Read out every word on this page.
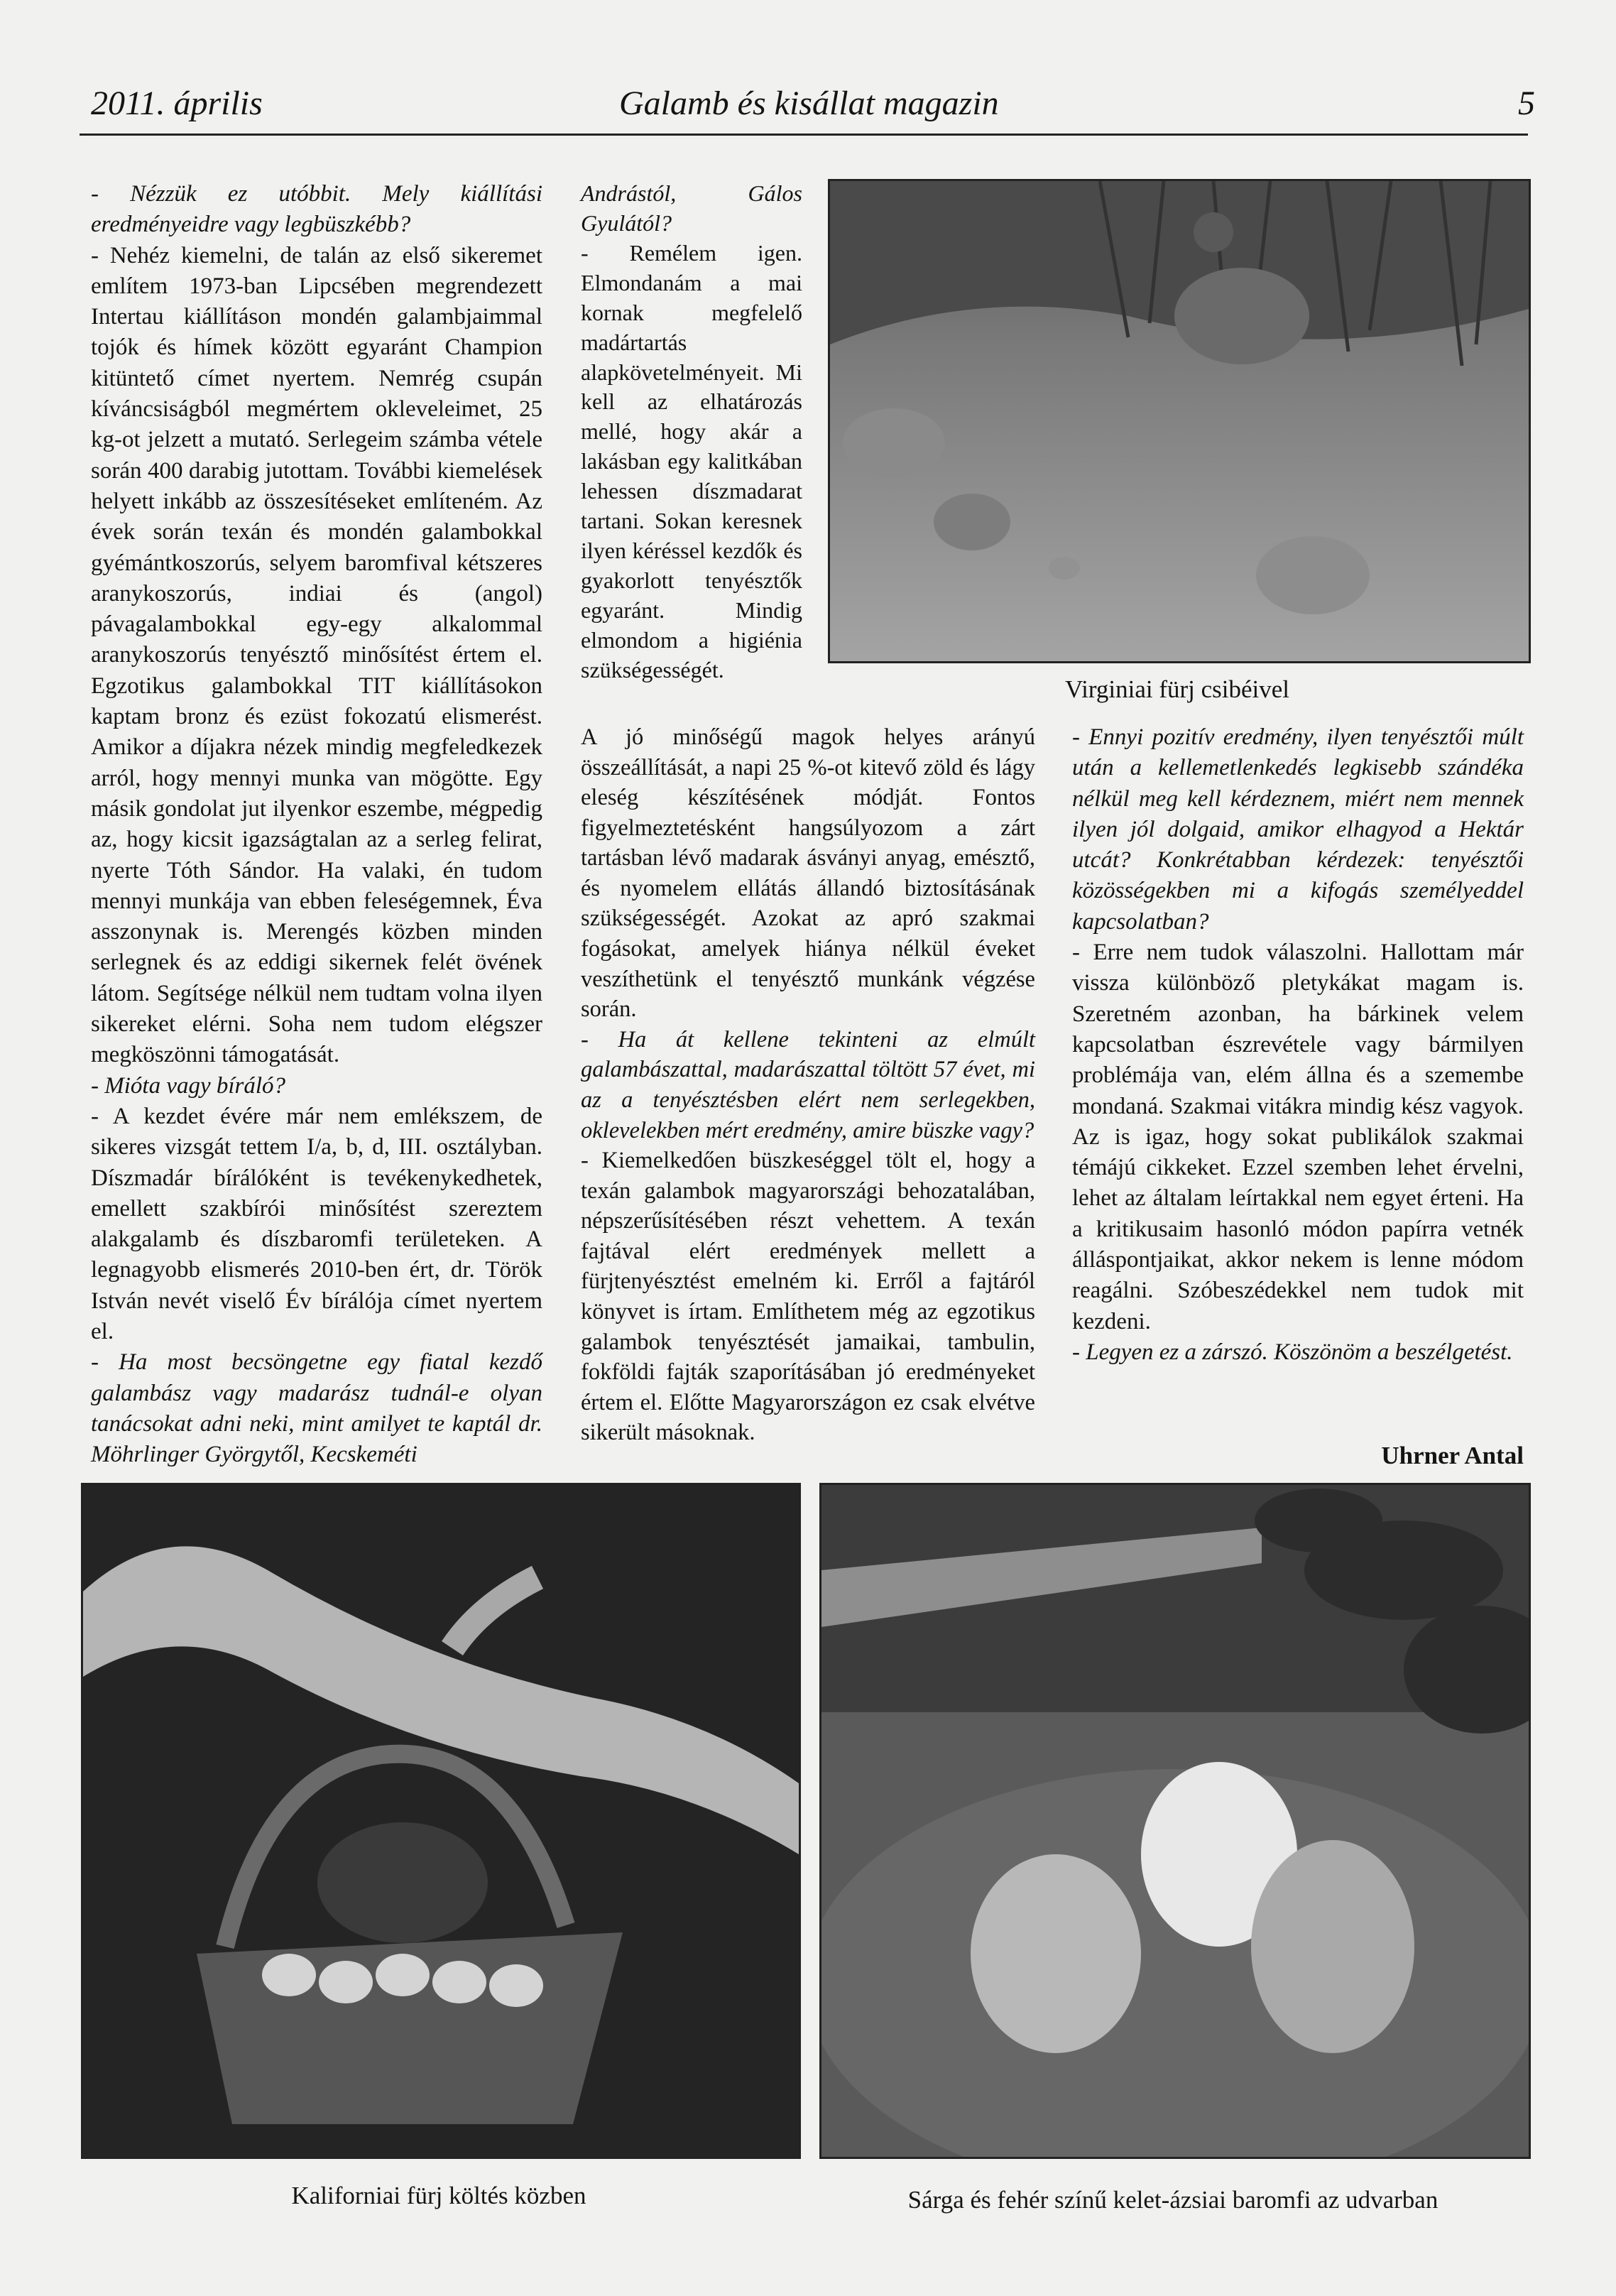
2011. április	Galamb és kisállat magazin	5

- Nézzük ez utóbbit. Mely kiállítási eredményeidre vagy legbüszkébb?

- Nehéz kiemelni, de talán az első sikeremet említem 1973-ban Lipcsében megrendezett Intertau kiállításon mondén galambjaimmal tojók és hímek között egyaránt Champion kitüntető címet nyertem. Nemrég csupán kíváncsiságból megmértem okleveleimet, 25 kg-ot jelzett a mutató. Serlegeim számba vétele során 400 darabig jutottam. További kiemelések helyett inkább az összesítéseket említeném. Az évek során texán és mondén galambokkal gyémántkoszorús, selyem baromfival kétszeres aranykoszorús, indiai és (angol) pávagalambokkal egy-egy alkalommal aranykoszorús tenyésztő minősítést értem el. Egzotikus galambokkal TIT kiállításokon kaptam bronz és ezüst fokozatú elismerést. Amikor a díjakra nézek mindig megfeledkezek arról, hogy mennyi munka van mögötte. Egy másik gondolat jut ilyenkor eszembe, mégpedig az, hogy kicsit igazságtalan az a serleg felirat, nyerte Tóth Sándor. Ha valaki, én tudom mennyi munkája van ebben feleségemnek, Éva asszonynak is. Merengés közben minden serlegnek és az eddigi sikernek felét övének látom. Segítsége nélkül nem tudtam volna ilyen sikereket elérni. Soha nem tudom elégszer megköszönni támogatását.

- Mióta vagy bíráló?

- A kezdet évére már nem emlékszem, de sikeres vizsgát tettem I/a, b, d, III. osztályban. Díszmadár bírálóként is tevékenykedhetek, emellett szakbírói minősítést szereztem alakgalamb és díszbaromfi területeken. A legnagyobb elismerés 2010-ben ért, dr. Török István nevét viselő Év bírálója címet nyertem el.

- Ha most becsöngetne egy fiatal kezdő galambász vagy madarász tudnál-e olyan tanácsokat adni neki, mint amilyet te kaptál dr. Möhrlinger Györgytől, Kecskeméti

Andrástól, Gálos Gyulától?

- Remélem igen. Elmondanám a mai kornak megfelelő madártartás alapkövetelményeit. Mi kell az elhatározás mellé, hogy akár a lakásban egy kalitkában lehessen díszmadarat tartani. Sokan keresnek ilyen kéréssel kezdők és gyakorlott tenyésztők egyaránt. Mindig elmondom a higiénia szükségességét.

A jó minőségű magok helyes arányú összeállítását, a napi 25 %-ot kitevő zöld és lágy eleség készítésének módját. Fontos figyelmeztetésként hangsúlyozom a zárt tartásban lévő madarak ásványi anyag, emésztő, és nyomelem ellátás állandó biztosításának szükségességét. Azokat az apró szakmai fogásokat, amelyek hiánya nélkül éveket veszíthetünk el tenyésztő munkánk végzése során.

- Ha át kellene tekinteni az elmúlt galambászattal, madarászattal töltött 57 évet, mi az a tenyésztésben elért nem serlegekben, oklevelekben mért eredmény, amire büszke vagy?

- Kiemelkedően büszkeséggel tölt el, hogy a texán galambok magyarországi behozatalában, népszerűsítésében részt vehettem. A texán fajtával elért eredmények mellett a fürjtenyésztést emelném ki. Erről a fajtáról könyvet is írtam. Említhetem még az egzotikus galambok tenyésztését jamaikai, tambulin, fokföldi fajták szaporításában jó eredményeket értem el. Előtte Magyarországon ez csak elvétve sikerült másoknak.

Virginiai fürj csibéivel

- Ennyi pozitív eredmény, ilyen tenyésztői múlt után a kellemetlenkedés legkisebb szándéka nélkül meg kell kérdeznem, miért nem mennek ilyen jól dolgaid, amikor elhagyod a Hektár utcát? Konkrétabban kérdezek: tenyésztői közösségekben mi a kifogás személyeddel kapcsolatban?

- Erre nem tudok válaszolni. Hallottam már vissza különböző pletykákat magam is. Szeretném azonban, ha bárkinek velem kapcsolatban észrevétele vagy bármilyen problémája van, elém állna és a szemembe mondaná. Szakmai vitákra mindig kész vagyok. Az is igaz, hogy sokat publikálok szakmai témájú cikkeket. Ezzel szemben lehet érvelni, lehet az általam leírtakkal nem egyet érteni. Ha a kritikusaim hasonló módon papírra vetnék álláspontjaikat, akkor nekem is lenne módom reagálni. Szóbeszédekkel nem tudok mit kezdeni.

- Legyen ez a zárszó. Köszönöm a beszélgetést.

Uhrner Antal
Kaliforniai fürj költés közben	Sárga és fehér színű kelet-ázsiai baromfi az udvarban
